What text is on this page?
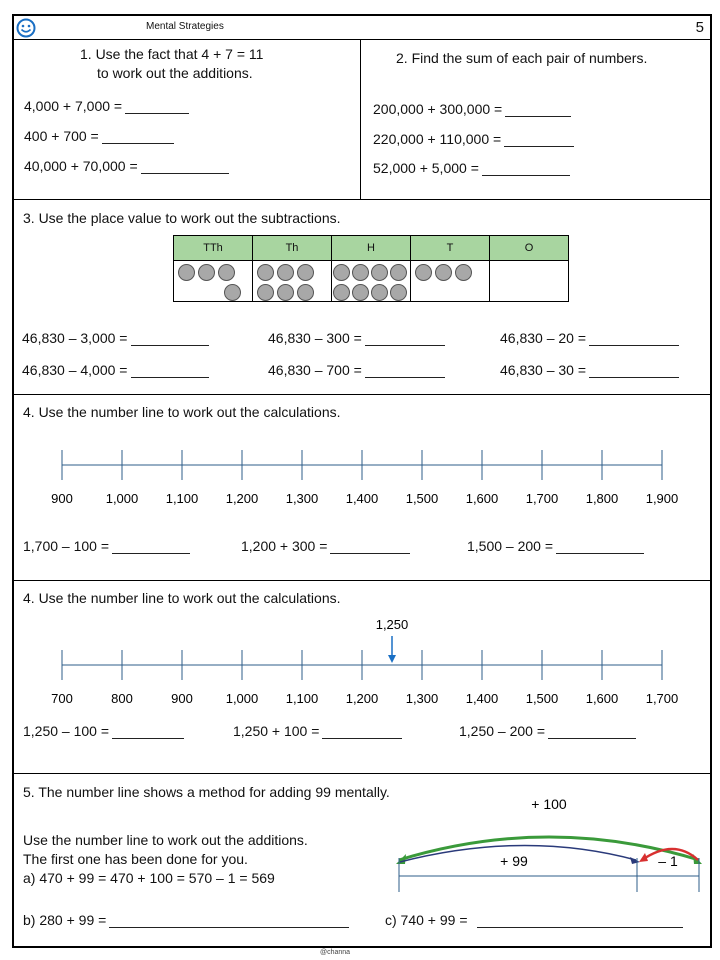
Mental Strategies	5
1. Use the fact that 4 + 7 = 11
to work out the additions.
4,000 + 7,000 =
400 + 700 =
40,000 + 70,000 =
2. Find the sum of each pair of numbers.
200,000 + 300,000 =
220,000 + 110,000 =
52,000 + 5,000 =
3. Use the place value to work out the subtractions.
TTh	Th	H	T	O

46,830 – 3,000 =	46,830 – 300 =	46,830 – 20 =
46,830 – 4,000 =	46,830 – 700 =	46,830 – 30 =
4. Use the number line to work out the calculations.
900	1,000 1,100 1,200 1,300 1,400 1,500 1,600 1,700 1,800 1,900
1,700 – 100 =	1,200 + 300 =	1,500 – 200 =
4. Use the number line to work out the calculations.
700	800	900	1,000 1,100 1,200 1,300 1,400 1,500 1,600 1,700
1,250
1,250 – 100 =	1,250 + 100 =	1,250 – 200 =
5. The number line shows a method for adding 99 mentally.
Use the number line to work out the additions.
The first one has been done for you.
a) 470 + 99 = 470 + 100 = 570 – 1 = 569
+ 100
+ 99	– 1
b) 280 + 99 =	c) 740 + 99 =
@channa
